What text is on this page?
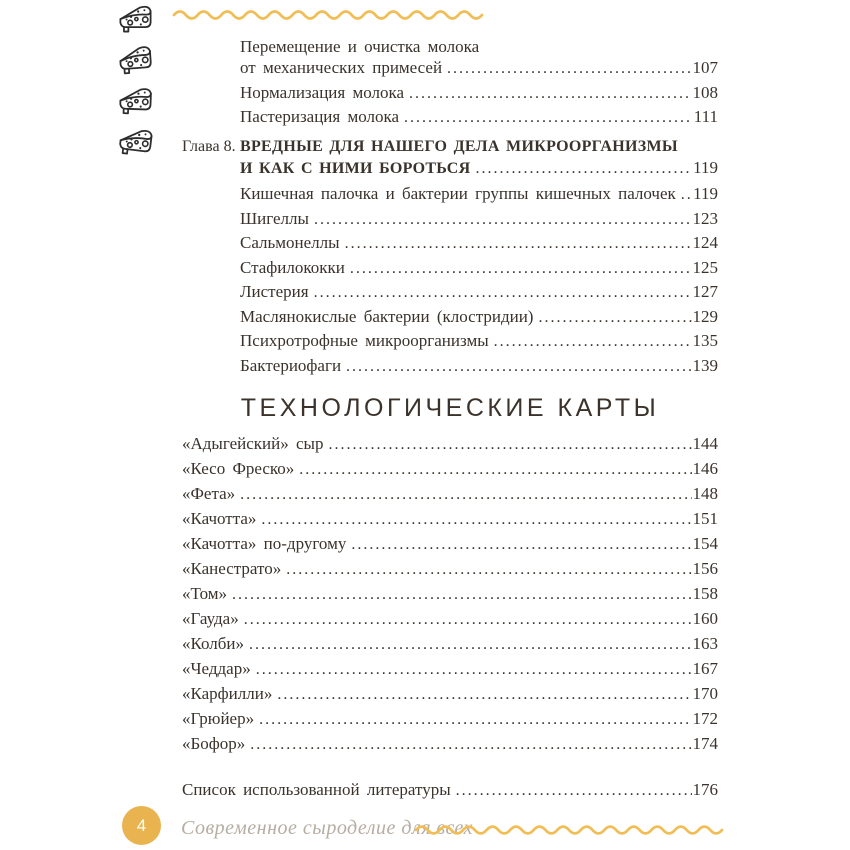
Перемещение и очистка молока
от механических примесей .....	107
Нормализация молока .....	108
Пастеризация молока .....	111
Глава 8. ВРЕДНЫЕ ДЛЯ НАШЕГО ДЕЛА МИКРООРГАНИЗМЫ
И КАК С НИМИ БОРОТЬСЯ .....	119
Кишечная палочка и бактерии группы кишечных палочек ..... 119
Шигеллы .....	123
Сальмонеллы .....	124
Стафилококки .....	125
Листерия .....	127
Маслянокислые бактерии (клостридии) .....	129
Психротрофные микроорганизмы .....	135
Бактериофаги .....	139
ТЕХНОЛОГИЧЕСКИЕ КАРТЫ
«Адыгейский» сыр .....	144
«Кесо Фреско» .....	146
«Фета» .....	148
«Качотта» .....	151
«Качотта» по-другому .....	154
«Канестрато» .....	156
«Том» .....	158
«Гауда» .....	160
«Колби» .....	163
«Чеддар» .....	167
«Карфилли» .....	170
«Грюйер» .....	172
«Бофор» .....	174
Список использованной литературы .....	176
4 Современное сыроделие для всех
